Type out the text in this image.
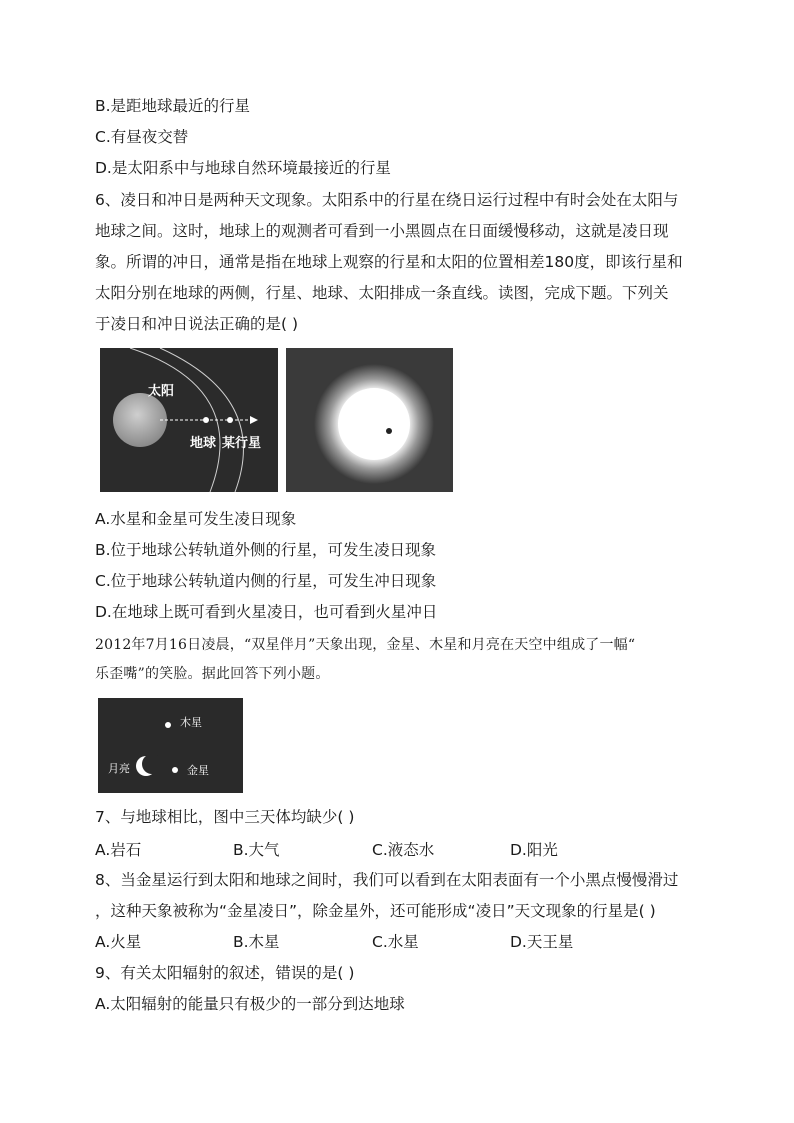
B.是距地球最近的行星
C.有昼夜交替
D.是太阳系中与地球自然环境最接近的行星
6、凌日和冲日是两种天文现象。太阳系中的行星在绕日运行过程中有时会处在太阳与
地球之间。这时，地球上的观测者可看到一小黑圆点在日面缓慢移动，这就是凌日现
象。所谓的冲日，通常是指在地球上观察的行星和太阳的位置相差180度，即该行星和
太阳分别在地球的两侧，行星、地球、太阳排成一条直线。读图，完成下题。下列关
于凌日和冲日说法正确的是( )
太阳
地球 某行星
A.水星和金星可发生凌日现象
B.位于地球公转轨道外侧的行星，可发生凌日现象
C.位于地球公转轨道内侧的行星，可发生冲日现象
D.在地球上既可看到火星凌日，也可看到火星冲日
2012年7月16日凌晨，“双星伴月”天象出现，金星、木星和月亮在天空中组成了一幅“
乐歪嘴”的笑脸。据此回答下列小题。
木星
月亮	金星
7、与地球相比，图中三天体均缺少( )
A.岩石	B.大气	C.液态水	D.阳光
8、当金星运行到太阳和地球之间时，我们可以看到在太阳表面有一个小黑点慢慢滑过
，这种天象被称为“金星凌日”，除金星外，还可能形成“凌日”天文现象的行星是( )
A.火星	B.木星	C.水星	D.天王星
9、有关太阳辐射的叙述，错误的是( )
A.太阳辐射的能量只有极少的一部分到达地球
